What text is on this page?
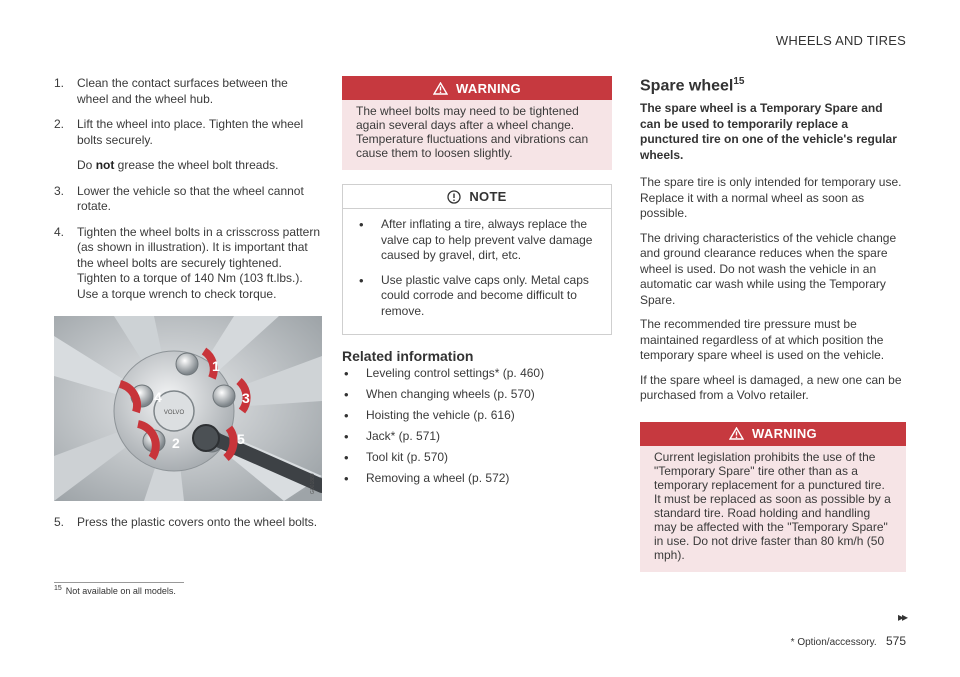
WHEELS AND TIRES
1. Clean the contact surfaces between the wheel and the wheel hub.
2. Lift the wheel into place. Tighten the wheel bolts securely.
Do not grease the wheel bolt threads.
3. Lower the vehicle so that the wheel cannot rotate.
4. Tighten the wheel bolts in a crisscross pattern (as shown in illustration). It is important that the wheel bolts are securely tightened. Tighten to a torque of 140 Nm (103 ft.lbs.). Use a torque wrench to check torque.
VOLVO
1
5
3
2
4
G001880
5. Press the plastic covers onto the wheel bolts.
WARNING
The wheel bolts may need to be tightened again several days after a wheel change. Temperature fluctuations and vibrations can cause them to loosen slightly.
NOTE
• After inflating a tire, always replace the valve cap to help prevent valve damage caused by gravel, dirt, etc.
• Use plastic valve caps only. Metal caps could corrode and become difficult to remove.
Related information
• Leveling control settings* (p. 460)
• When changing wheels (p. 570)
• Hoisting the vehicle (p. 616)
• Jack* (p. 571)
• Tool kit (p. 570)
• Removing a wheel (p. 572)
Spare wheel$^{15}$
The spare wheel is a Temporary Spare and can be used to temporarily replace a punctured tire on one of the vehicle's regular wheels.
The spare tire is only intended for temporary use. Replace it with a normal wheel as soon as possible.
The driving characteristics of the vehicle change and ground clearance reduces when the spare wheel is used. Do not wash the vehicle in an automatic car wash while using the Temporary Spare.
The recommended tire pressure must be maintained regardless of at which position the temporary spare wheel is used on the vehicle.
If the spare wheel is damaged, a new one can be purchased from a Volvo retailer.
WARNING
Current legislation prohibits the use of the "Temporary Spare" tire other than as a temporary replacement for a punctured tire. It must be replaced as soon as possible by a standard tire. Road holding and handling may be affected with the "Temporary Spare" in use. Do not drive faster than 80 km/h (50 mph).
$^{15}$ Not available on all models.
▸▸
* Option/accessory. 575
